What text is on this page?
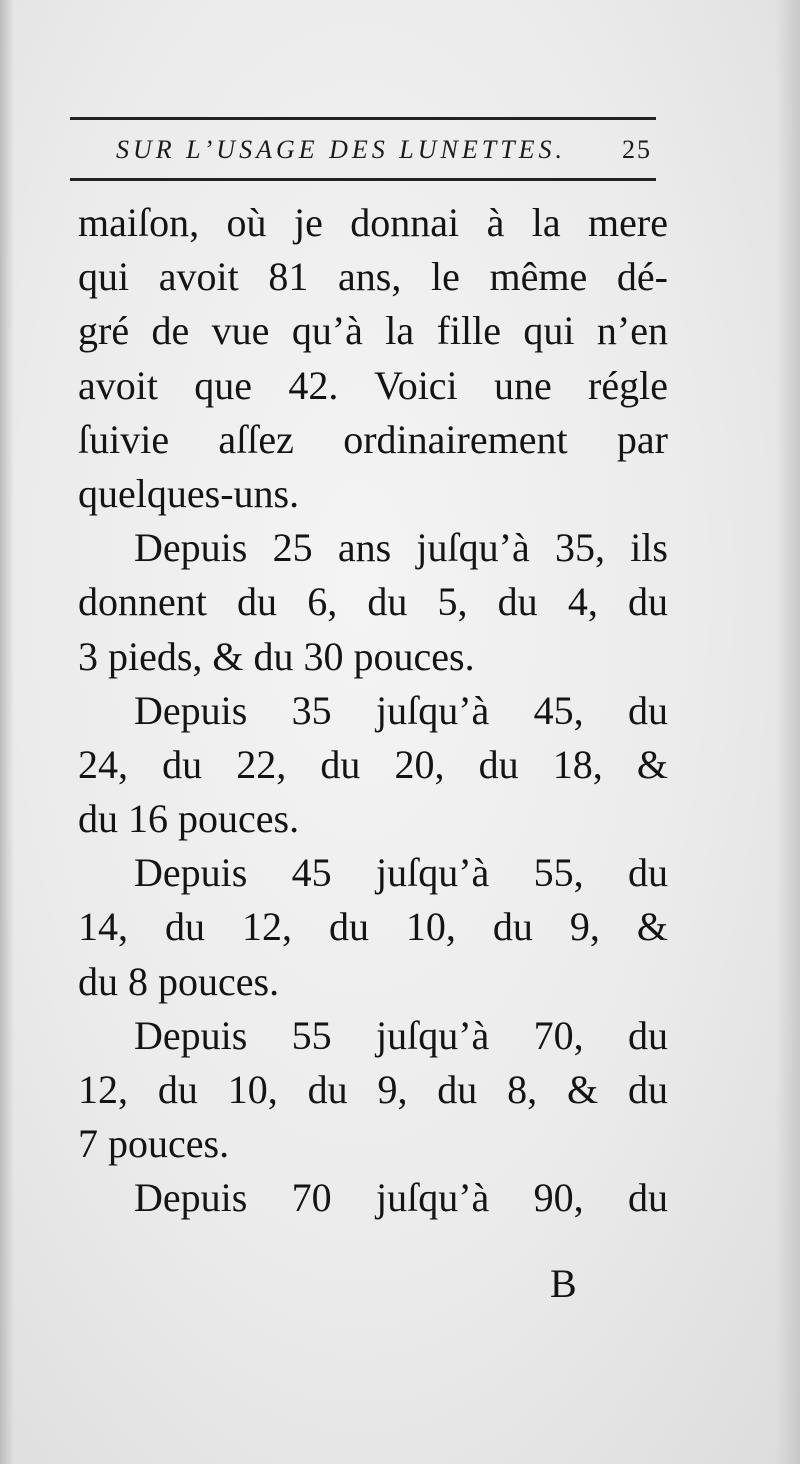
SUR L’USAGE DES LUNETTES. 25
maiſon, où je donnai à la mere
qui avoit 81 ans, le même dé-
gré de vue qu’à la fille qui n’en
avoit que 42. Voici une régle
ſuivie aſſez ordinairement par
quelques-uns.
Depuis 25 ans juſqu’à 35, ils
donnent du 6, du 5, du 4, du
3 pieds, & du 30 pouces.
Depuis 35 juſqu’à 45, du
24, du 22, du 20, du 18, &
du 16 pouces.
Depuis 45 juſqu’à 55, du
14, du 12, du 10, du 9, &
du 8 pouces.
Depuis 55 juſqu’à 70, du
12, du 10, du 9, du 8, & du
7 pouces.
Depuis 70 juſqu’à 90, du
B
